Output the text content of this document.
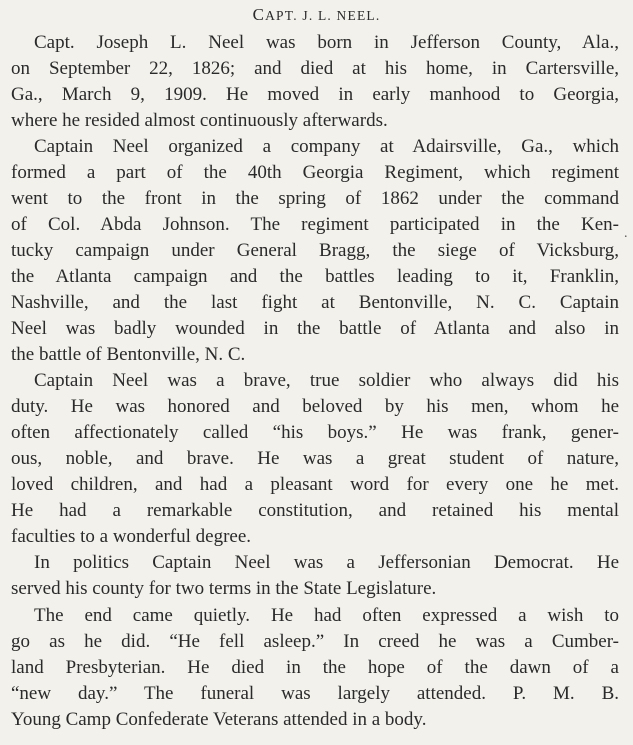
CAPT. J. L. NEEL.
Capt. Joseph L. Neel was born in Jefferson County, Ala.,
on September 22, 1826; and died at his home, in Cartersville,
Ga., March 9, 1909. He moved in early manhood to Georgia,
where he resided almost continuously afterwards.
Captain Neel organized a company at Adairsville, Ga., which
formed a part of the 40th Georgia Regiment, which regiment
went to the front in the spring of 1862 under the command
of Col. Abda Johnson. The regiment participated in the Ken-
tucky campaign under General Bragg, the siege of Vicksburg,
the Atlanta campaign and the battles leading to it, Franklin,
Nashville, and the last fight at Bentonville, N. C. Captain
Neel was badly wounded in the battle of Atlanta and also in
the battle of Bentonville, N. C.
Captain Neel was a brave, true soldier who always did his
duty. He was honored and beloved by his men, whom he
often affectionately called “his boys.” He was frank, gener-
ous, noble, and brave. He was a great student of nature,
loved children, and had a pleasant word for every one he met.
He had a remarkable constitution, and retained his mental
faculties to a wonderful degree.
In politics Captain Neel was a Jeffersonian Democrat. He
served his county for two terms in the State Legislature.
The end came quietly. He had often expressed a wish to
go as he did. “He fell asleep.” In creed he was a Cumber-
land Presbyterian. He died in the hope of the dawn of a
“new day.” The funeral was largely attended. P. M. B.
Young Camp Confederate Veterans attended in a body.
.
